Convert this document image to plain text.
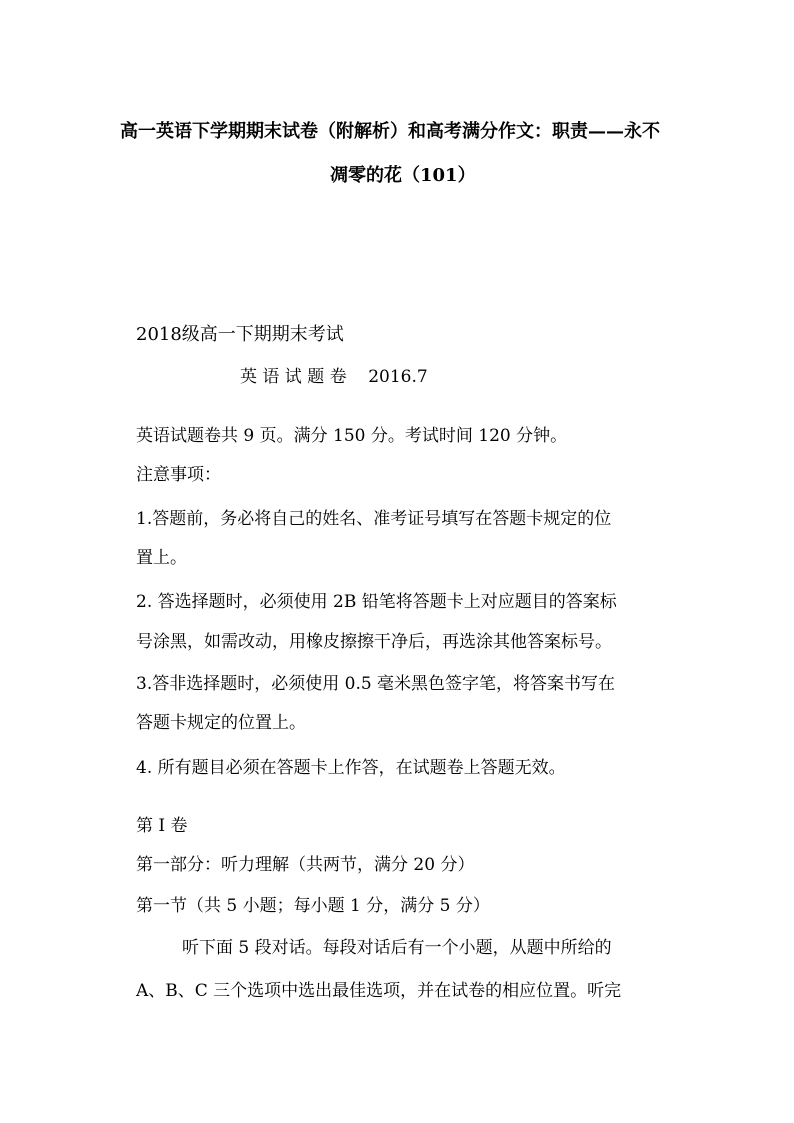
高一英语下学期期末试卷（附解析）和高考满分作文：职责——永不
凋零的花（101）
2018级高一下期期末考试
英 语 试 题 卷    2016.7
英语试题卷共 9 页。满分 150 分。考试时间 120 分钟。
注意事项：
1.答题前，务必将自己的姓名、准考证号填写在答题卡规定的位
置上。
2. 答选择题时，必须使用 2B 铅笔将答题卡上对应题目的答案标
号涂黑，如需改动，用橡皮擦擦干净后，再选涂其他答案标号。
3.答非选择题时，必须使用 0.5 毫米黑色签字笔，将答案书写在
答题卡规定的位置上。
4. 所有题目必须在答题卡上作答，在试题卷上答题无效。
第 I 卷
第一部分：听力理解（共两节，满分 20 分）
第一节（共 5 小题；每小题 1 分，满分 5 分）
听下面 5 段对话。每段对话后有一个小题，从题中所给的
A、B、C 三个选项中选出最佳选项，并在试卷的相应位置。听完
